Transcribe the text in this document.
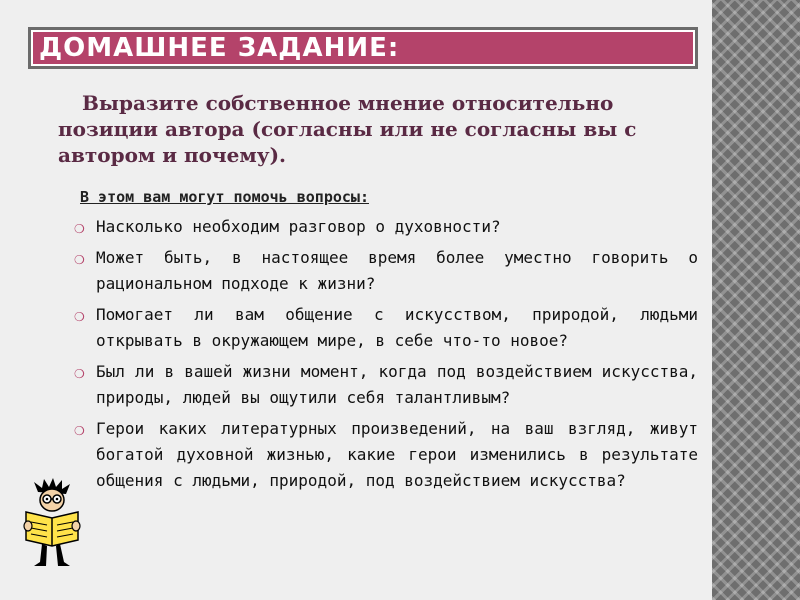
ДОМАШНЕЕ ЗАДАНИЕ:
Выразите собственное мнение относительно позиции автора (согласны или не согласны вы с автором и почему).
В этом вам могут помочь вопросы:
❍ Насколько необходим разговор о духовности?
❍ Может быть, в настоящее время более уместно говорить о рациональном подходе к жизни?
❍ Помогает ли вам общение с искусством, природой, людьми открывать в окружающем мире, в себе что-то новое?
❍ Был ли в вашей жизни момент, когда под воздействием искусства, природы, людей вы ощутили себя талантливым?
❍ Герои каких литературных произведений, на ваш взгляд, живут богатой духовной жизнью, какие герои изменились в результате общения с людьми, природой, под воздействием искусства?
